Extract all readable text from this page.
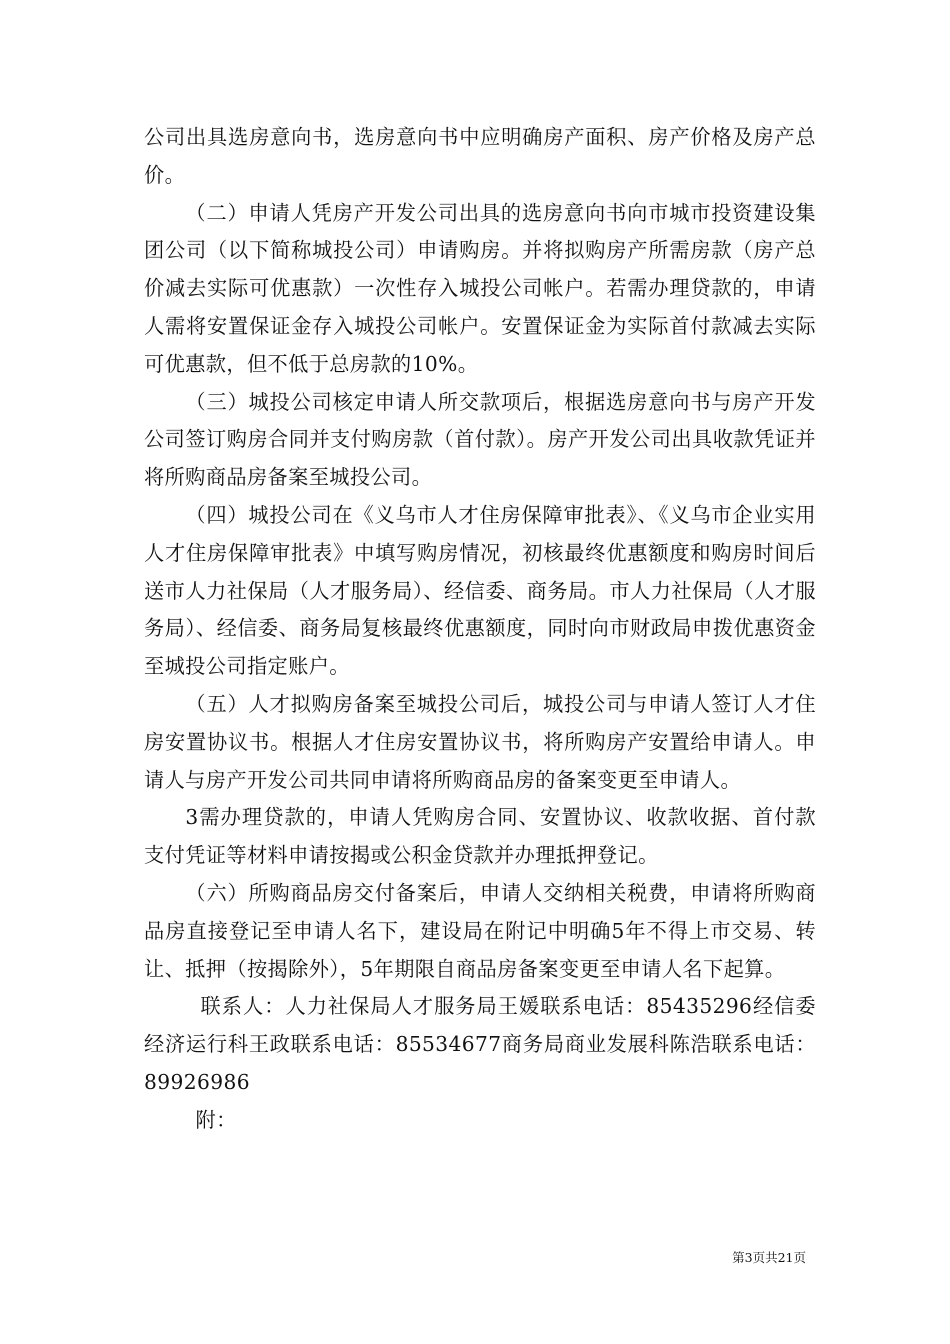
公司出具选房意向书，选房意向书中应明确房产面积、房产价格及房产总价。

（二）申请人凭房产开发公司出具的选房意向书向市城市投资建设集团公司（以下简称城投公司）申请购房。并将拟购房产所需房款（房产总价减去实际可优惠款）一次性存入城投公司帐户。若需办理贷款的，申请人需将安置保证金存入城投公司帐户。安置保证金为实际首付款减去实际可优惠款，但不低于总房款的10%。

（三）城投公司核定申请人所交款项后，根据选房意向书与房产开发公司签订购房合同并支付购房款（首付款）。房产开发公司出具收款凭证并将所购商品房备案至城投公司。

（四）城投公司在《义乌市人才住房保障审批表》、《义乌市企业实用人才住房保障审批表》中填写购房情况，初核最终优惠额度和购房时间后送市人力社保局（人才服务局）、经信委、商务局。市人力社保局（人才服务局）、经信委、商务局复核最终优惠额度，同时向市财政局申拨优惠资金至城投公司指定账户。

（五）人才拟购房备案至城投公司后，城投公司与申请人签订人才住房安置协议书。根据人才住房安置协议书，将所购房产安置给申请人。申请人与房产开发公司共同申请将所购商品房的备案变更至申请人。

3需办理贷款的，申请人凭购房合同、安置协议、收款收据、首付款支付凭证等材料申请按揭或公积金贷款并办理抵押登记。

（六）所购商品房交付备案后，申请人交纳相关税费，申请将所购商品房直接登记至申请人名下，建设局在附记中明确5年不得上市交易、转让、抵押（按揭除外），5年期限自商品房备案变更至申请人名下起算。

联系人：人力社保局人才服务局王媛联系电话：85435296经信委经济运行科王政联系电话：85534677商务局商业发展科陈浩联系电话：89926986

附：

第3页共21页
